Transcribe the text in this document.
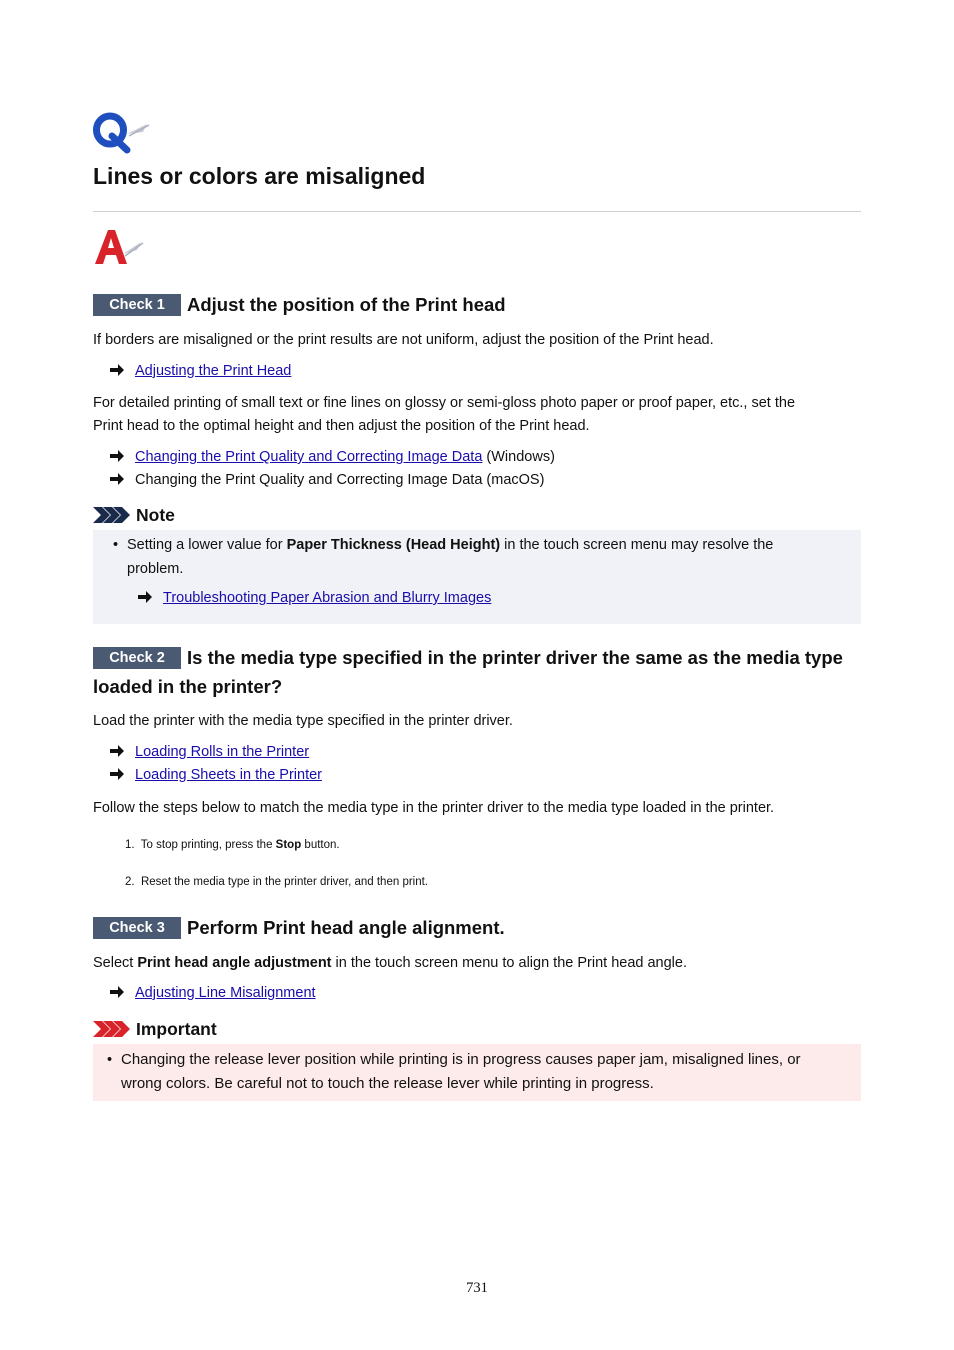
Lines or colors are misaligned
Check 1 Adjust the position of the Print head

If borders are misaligned or the print results are not uniform, adjust the position of the Print head.

Adjusting the Print Head

For detailed printing of small text or fine lines on glossy or semi-gloss photo paper or proof paper, etc., set the

Print head to the optimal height and then adjust the position of the Print head.

Changing the Print Quality and Correcting Image Data (Windows)
Changing the Print Quality and Correcting Image Data (macOS)
Note
• Setting a lower value for Paper Thickness (Head Height) in the touch screen menu may resolve the
problem.
Troubleshooting Paper Abrasion and Blurry Images
Check 2 Is the media type specified in the printer driver the same as the media type
loaded in the printer?

Load the printer with the media type specified in the printer driver.

Loading Rolls in the Printer
Loading Sheets in the Printer

Follow the steps below to match the media type in the printer driver to the media type loaded in the printer.

1. To stop printing, press the Stop button.
2. Reset the media type in the printer driver, and then print.
Check 3 Perform Print head angle alignment.

Select Print head angle adjustment in the touch screen menu to align the Print head angle.

Adjusting Line Misalignment
Important
• Changing the release lever position while printing is in progress causes paper jam, misaligned lines, or
wrong colors. Be careful not to touch the release lever while printing in progress.
731
